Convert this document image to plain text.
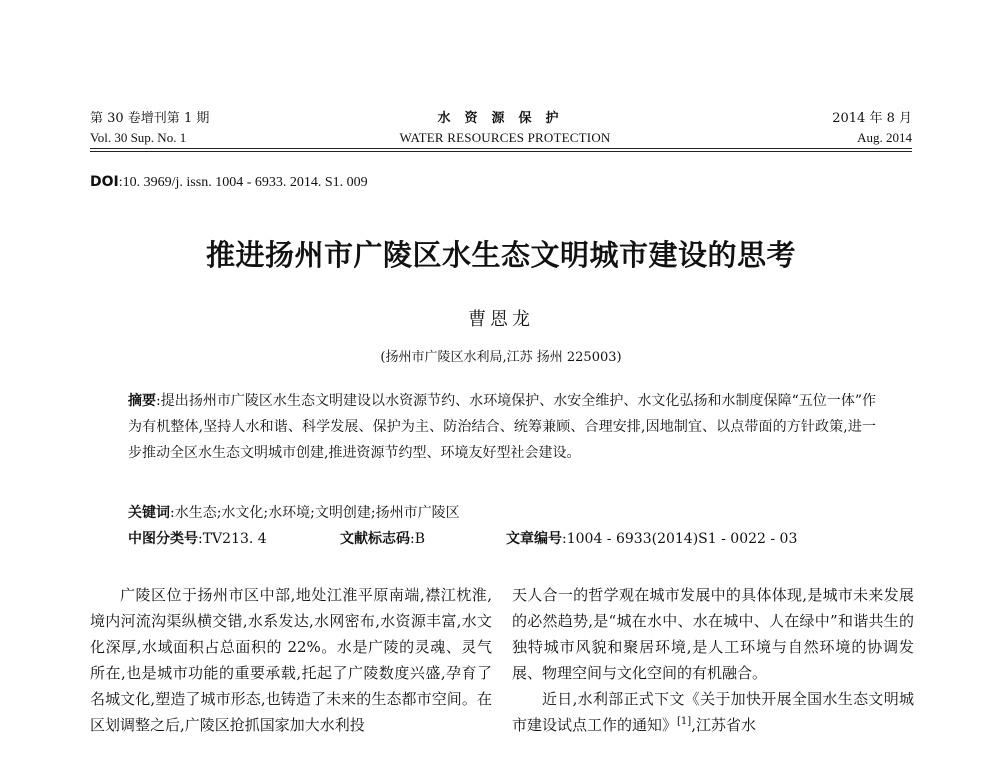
第 30 卷增刊第 1 期
Vol. 30 Sup. No. 1
水资源保护
WATER RESOURCES PROTECTION
2014 年 8 月
Aug. 2014
DOI:10. 3969/j. issn. 1004 - 6933. 2014. S1. 009
推进扬州市广陵区水生态文明城市建设的思考
曹恩龙
(扬州市广陵区水利局,江苏 扬州 225003)
摘要:提出扬州市广陵区水生态文明建设以水资源节约、水环境保护、水安全维护、水文化弘扬和水制度保障“五位一体”作为有机整体,坚持人水和谐、科学发展、保护为主、防治结合、统筹兼顾、合理安排,因地制宜、以点带面的方针政策,进一步推动全区水生态文明城市创建,推进资源节约型、环境友好型社会建设。
关键词:水生态;水文化;水环境;文明创建;扬州市广陵区
中图分类号:TV213. 4	文献标志码:B	文章编号:1004 - 6933(2014)S1 - 0022 - 03

广陵区位于扬州市区中部,地处江淮平原南端,襟江枕淮,境内河流沟渠纵横交错,水系发达,水网密布,水资源丰富,水文化深厚,水域面积占总面积的 22%。水是广陵的灵魂、灵气所在,也是城市功能的重要承载,托起了广陵数度兴盛,孕育了名城文化,塑造了城市形态,也铸造了未来的生态都市空间。在区划调整之后,广陵区抢抓国家加大水利投

天人合一的哲学观在城市发展中的具体体现,是城市未来发展的必然趋势,是“城在水中、水在城中、人在绿中”和谐共生的独特城市风貌和聚居环境,是人工环境与自然环境的协调发展、物理空间与文化空间的有机融合。

近日,水利部正式下文《关于加快开展全国水生态文明城市建设试点工作的通知》[1],江苏省水
